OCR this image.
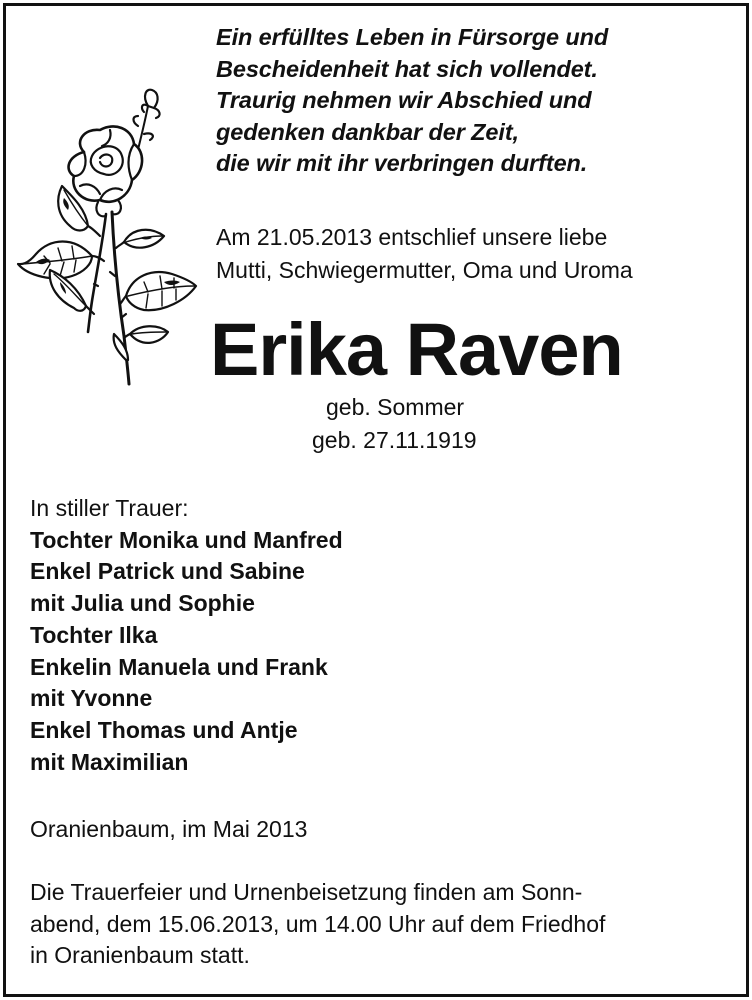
Ein erfülltes Leben in Fürsorge und
Bescheidenheit hat sich vollendet.
Traurig nehmen wir Abschied und
gedenken dankbar der Zeit,
die wir mit ihr verbringen durften.
Am 21.05.2013 entschlief unsere liebe
Mutti, Schwiegermutter, Oma und Uroma
Erika Raven
geb. Sommer
geb. 27.11.1919
In stiller Trauer:
Tochter Monika und Manfred
Enkel Patrick und Sabine
mit Julia und Sophie
Tochter Ilka
Enkelin Manuela und Frank
mit Yvonne
Enkel Thomas und Antje
mit Maximilian
Oranienbaum, im Mai 2013
Die Trauerfeier und Urnenbeisetzung finden am Sonn-
abend, dem 15.06.2013, um 14.00 Uhr auf dem Friedhof
in Oranienbaum statt.
